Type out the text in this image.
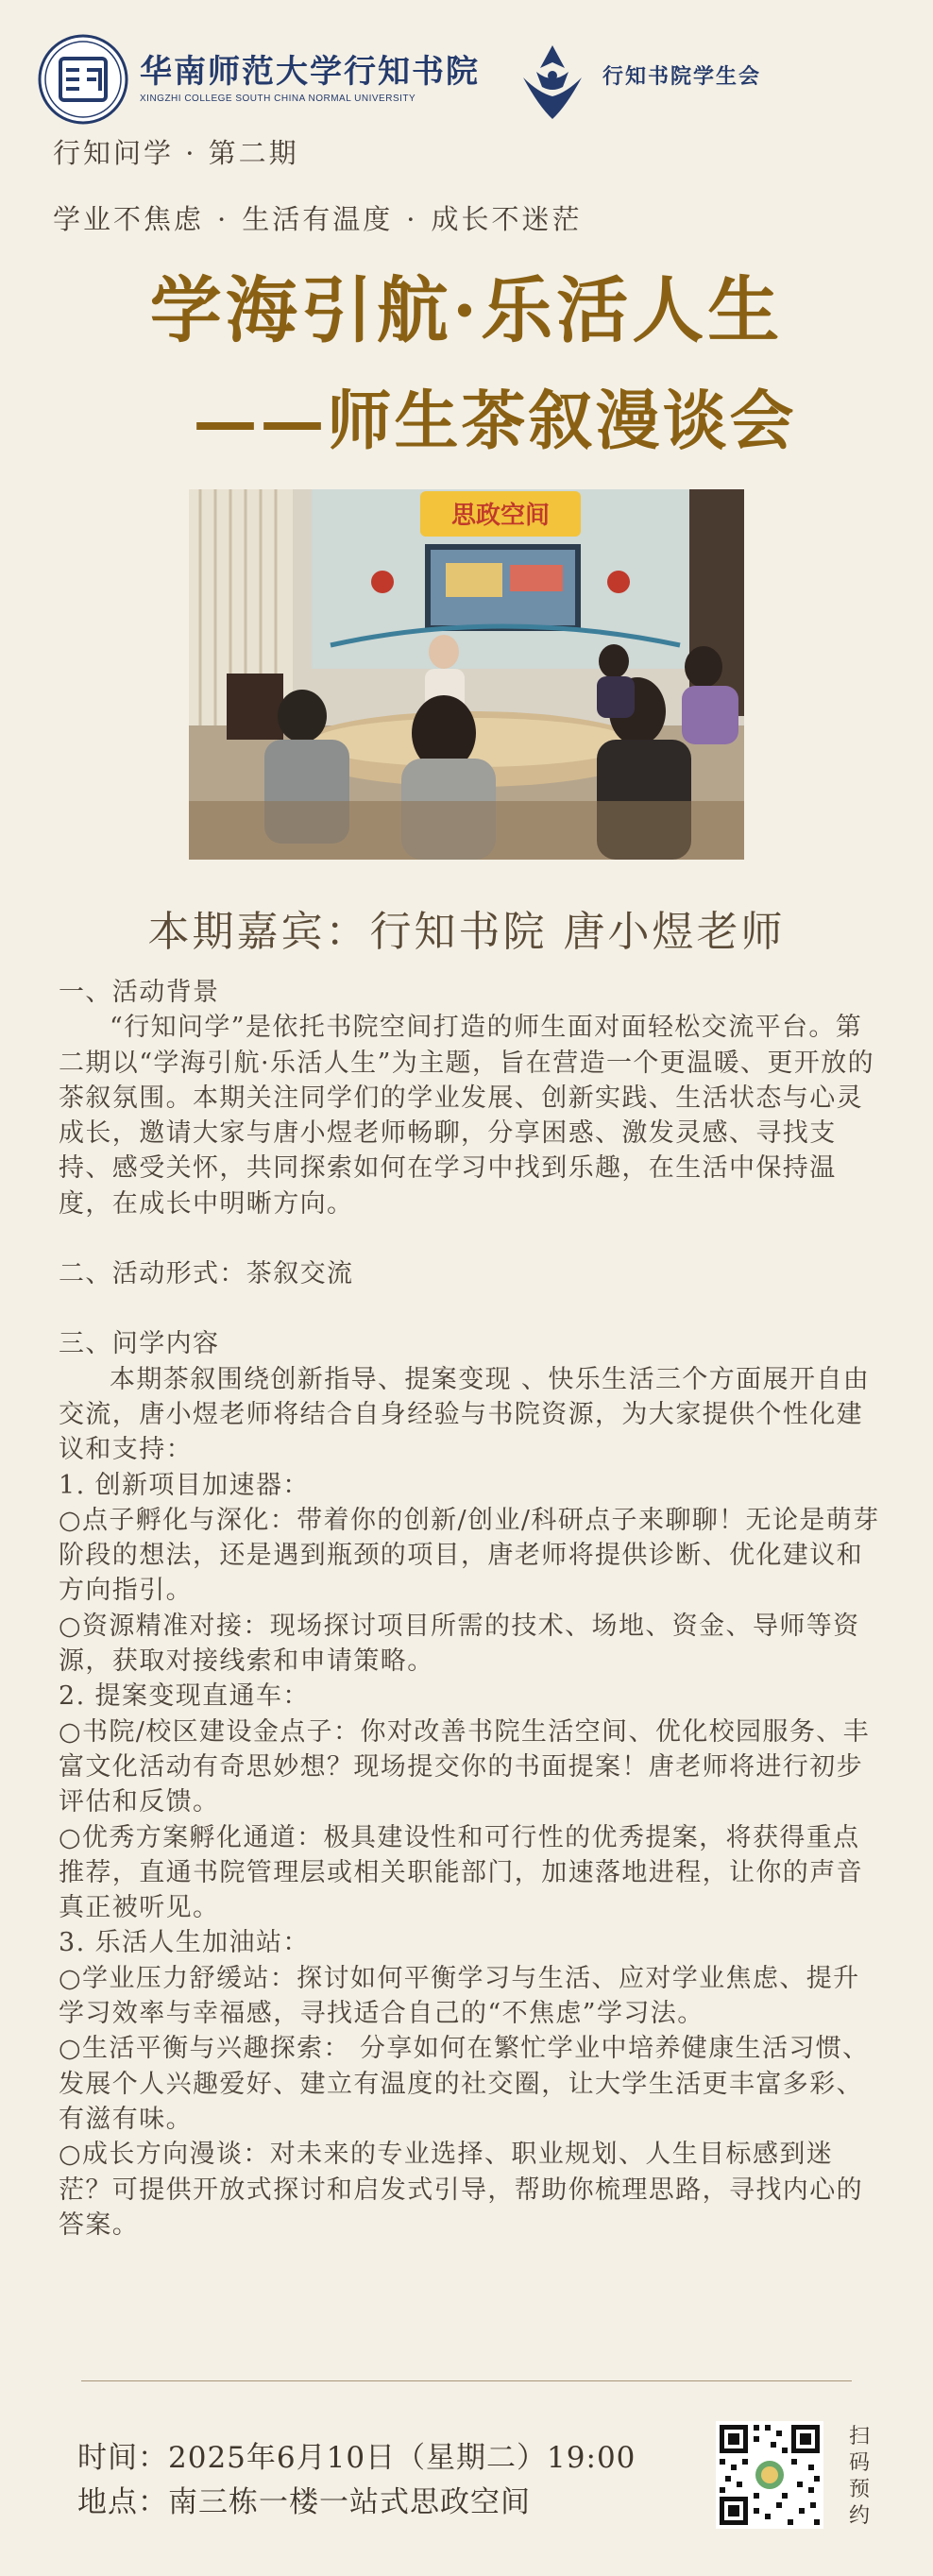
华南师范大学行知书院
XINGZHI COLLEGE SOUTH CHINA NORMAL UNIVERSITY
行知书院学生会
行知问学 · 第二期
学业不焦虑 · 生活有温度 · 成长不迷茫
学海引航·乐活人生
——师生茶叙漫谈会
思政空间
本期嘉宾：行知书院 唐小煜老师

一、活动背景

“行知问学”是依托书院空间打造的师生面对面轻松交流平台。第二期以“学海引航·乐活人生”为主题，旨在营造一个更温暖、更开放的茶叙氛围。本期关注同学们的学业发展、创新实践、生活状态与心灵成长，邀请大家与唐小煜老师畅聊，分享困惑、激发灵感、寻找支持、感受关怀，共同探索如何在学习中找到乐趣，在生活中保持温度，在成长中明晰方向。

二、活动形式：茶叙交流

三、问学内容

本期茶叙围绕创新指导、提案变现 、快乐生活三个方面展开自由交流，唐小煜老师将结合自身经验与书院资源，为大家提供个性化建议和支持：

1. 创新项目加速器：

○点子孵化与深化：带着你的创新/创业/科研点子来聊聊！无论是萌芽阶段的想法，还是遇到瓶颈的项目，唐老师将提供诊断、优化建议和方向指引。

○资源精准对接：现场探讨项目所需的技术、场地、资金、导师等资源，获取对接线索和申请策略。

2. 提案变现直通车：

○书院/校区建设金点子：你对改善书院生活空间、优化校园服务、丰富文化活动有奇思妙想？现场提交你的书面提案！唐老师将进行初步评估和反馈。

○优秀方案孵化通道：极具建设性和可行性的优秀提案，将获得重点推荐，直通书院管理层或相关职能部门，加速落地进程，让你的声音真正被听见。

3. 乐活人生加油站：

○学业压力舒缓站：探讨如何平衡学习与生活、应对学业焦虑、提升学习效率与幸福感，寻找适合自己的“不焦虑”学习法。

○生活平衡与兴趣探索： 分享如何在繁忙学业中培养健康生活习惯、发展个人兴趣爱好、建立有温度的社交圈，让大学生活更丰富多彩、有滋有味。

○成长方向漫谈：对未来的专业选择、职业规划、人生目标感到迷茫？可提供开放式探讨和启发式引导，帮助你梳理思路，寻找内心的答案。

时间：2025年6月10日（星期二）19:00
地点：南三栋一楼一站式思政空间
扫
码
预
约
